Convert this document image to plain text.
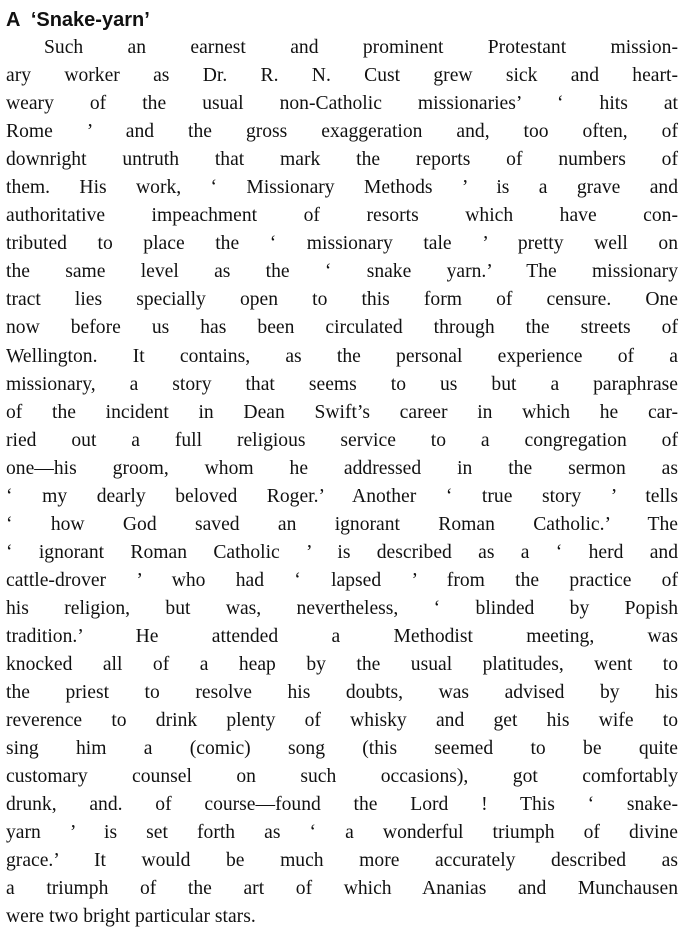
A  ‘Snake-yarn’
Such an earnest and prominent Protestant mission-
ary worker as Dr. R. N. Cust grew sick and heart-
weary of the usual non-Catholic missionaries’ ‘ hits at
Rome ’ and the gross exaggeration and, too often, of
downright untruth that mark the reports of numbers of
them. His work, ‘ Missionary Methods ’ is a grave and
authoritative impeachment of resorts which have con-
tributed to place the ‘ missionary tale ’ pretty well on
the same level as the ‘ snake yarn.’ The missionary
tract lies specially open to this form of censure. One
now before us has been circulated through the streets of
Wellington. It contains, as the personal experience of a
missionary, a story that seems to us but a paraphrase
of the incident in Dean Swift’s career in which he car-
ried out a full religious service to a congregation of
one—his groom, whom he addressed in the sermon as
‘ my dearly beloved Roger.’ Another ‘ true story ’ tells
‘ how God saved an ignorant Roman Catholic.’ The
‘ ignorant Roman Catholic ’ is described as a ‘ herd and
cattle-drover ’ who had ‘ lapsed ’ from the practice of
his religion, but was, nevertheless, ‘ blinded by Popish
tradition.’ He attended a Methodist meeting, was
knocked all of a heap by the usual platitudes, went to
the priest to resolve his doubts, was advised by his
reverence to drink plenty of whisky and get his wife to
sing him a (comic) song (this seemed to be quite
customary counsel on such occasions), got comfortably
drunk, and. of course—found the Lord ! This ‘ snake-
yarn ’ is set forth as ‘ a wonderful triumph of divine
grace.’ It would be much more accurately described as
a triumph of the art of which Ananias and Munchausen
were two bright particular stars.
